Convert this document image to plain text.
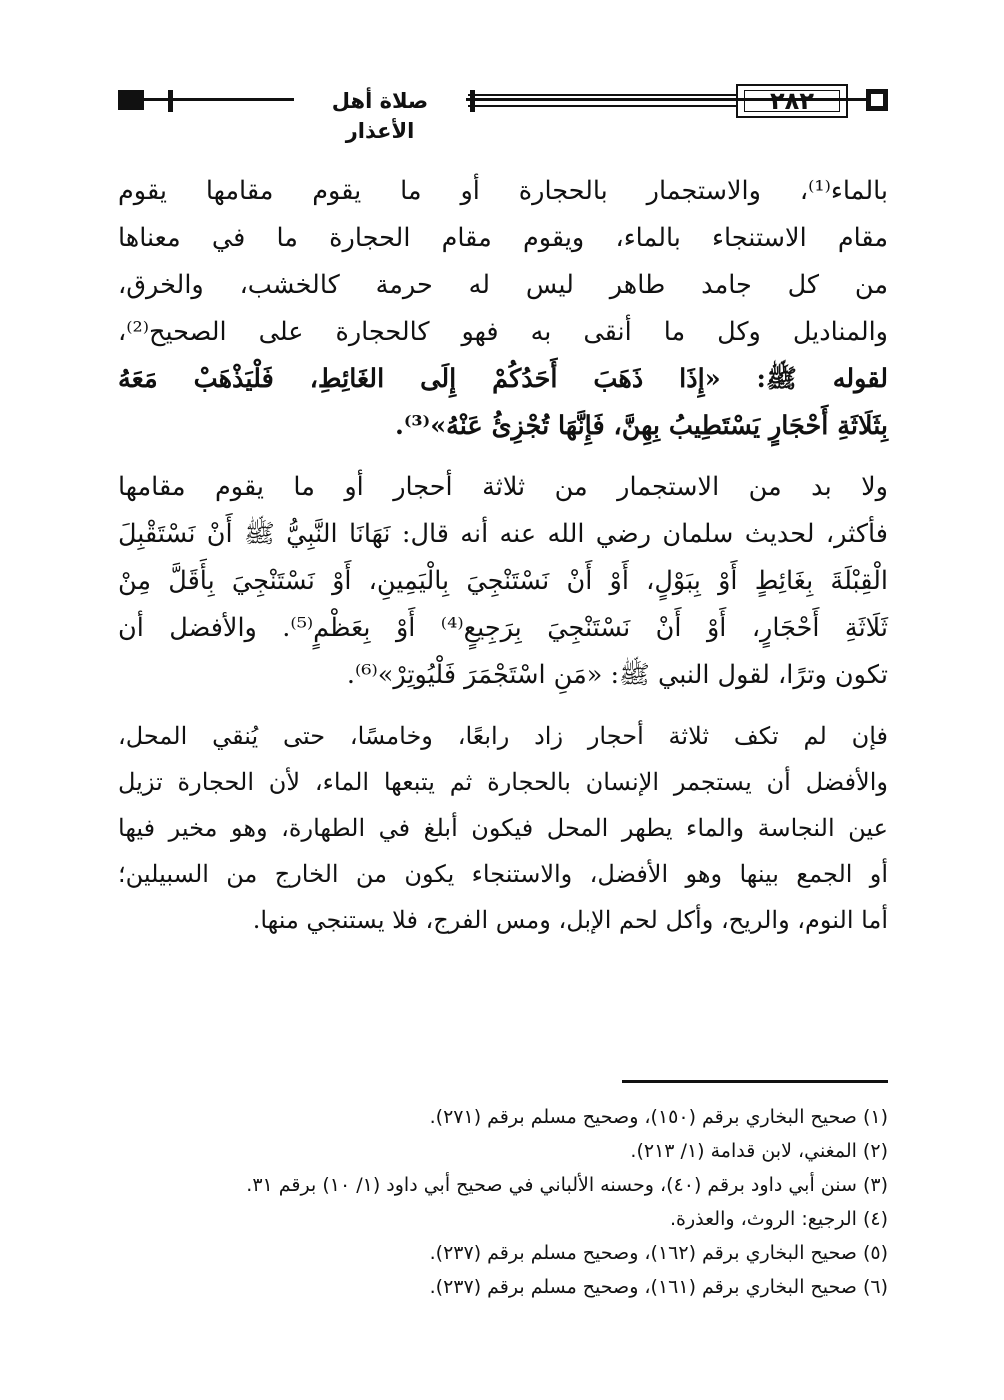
صلاة أهل الأعذار
٢٨٢
بالماء⁽¹⁾، والاستجمار بالحجارة أو ما يقوم مقامها يقوم
مقام الاستنجاء بالماء، ويقوم مقام الحجارة ما في معناها
من كل جامد طاهر ليس له حرمة كالخشب، والخرق،
والمناديل وكل ما أنقى به فهو كالحجارة على الصحيح⁽²⁾،
لقوله ﷺ: «إِذَا ذَهَبَ أَحَدُكُمْ إِلَى الغَائِطِ، فَلْيَذْهَبْ مَعَهُ
بِثَلَاثَةِ أَحْجَارٍ يَسْتَطِيبُ بِهِنَّ، فَإِنَّهَا تُجْزِئُ عَنْهُ»⁽³⁾.
ولا بد من الاستجمار من ثلاثة أحجار أو ما يقوم مقامها
فأكثر، لحديث سلمان رضي الله عنه أنه قال: نَهَانَا النَّبِيُّ ﷺ أَنْ نَسْتَقْبِلَ
الْقِبْلَةَ بِغَائِطٍ أَوْ بِبَوْلٍ، أَوْ أَنْ نَسْتَنْجِيَ بِالْيَمِينِ، أَوْ نَسْتَنْجِيَ بِأَقَلَّ مِنْ
ثَلَاثَةِ أَحْجَارٍ، أَوْ أَنْ نَسْتَنْجِيَ بِرَجِيعٍ⁽⁴⁾ أَوْ بِعَظْمٍ⁽⁵⁾. والأفضل أن
تكون وترًا، لقول النبي ﷺ: «مَنِ اسْتَجْمَرَ فَلْيُوتِرْ»⁽⁶⁾.
فإن لم تكف ثلاثة أحجار زاد رابعًا، وخامسًا، حتى يُنقي المحل،
والأفضل أن يستجمر الإنسان بالحجارة ثم يتبعها الماء، لأن الحجارة تزيل
عين النجاسة والماء يطهر المحل فيكون أبلغ في الطهارة، وهو مخير فيها
أو الجمع بينها وهو الأفضل، والاستنجاء يكون من الخارج من السبيلين؛
أما النوم، والريح، وأكل لحم الإبل، ومس الفرج، فلا يستنجي منها.
(١) صحيح البخاري برقم (١٥٠)، وصحيح مسلم برقم (٢٧١).
(٢) المغني، لابن قدامة (١/ ٢١٣).
(٣) سنن أبي داود برقم (٤٠)، وحسنه الألباني في صحيح أبي داود (١/ ١٠) برقم ٣١.
(٤) الرجيع: الروث، والعذرة.
(٥) صحيح البخاري برقم (١٦٢)، وصحيح مسلم برقم (٢٣٧).
(٦) صحيح البخاري برقم (١٦١)، وصحيح مسلم برقم (٢٣٧).
